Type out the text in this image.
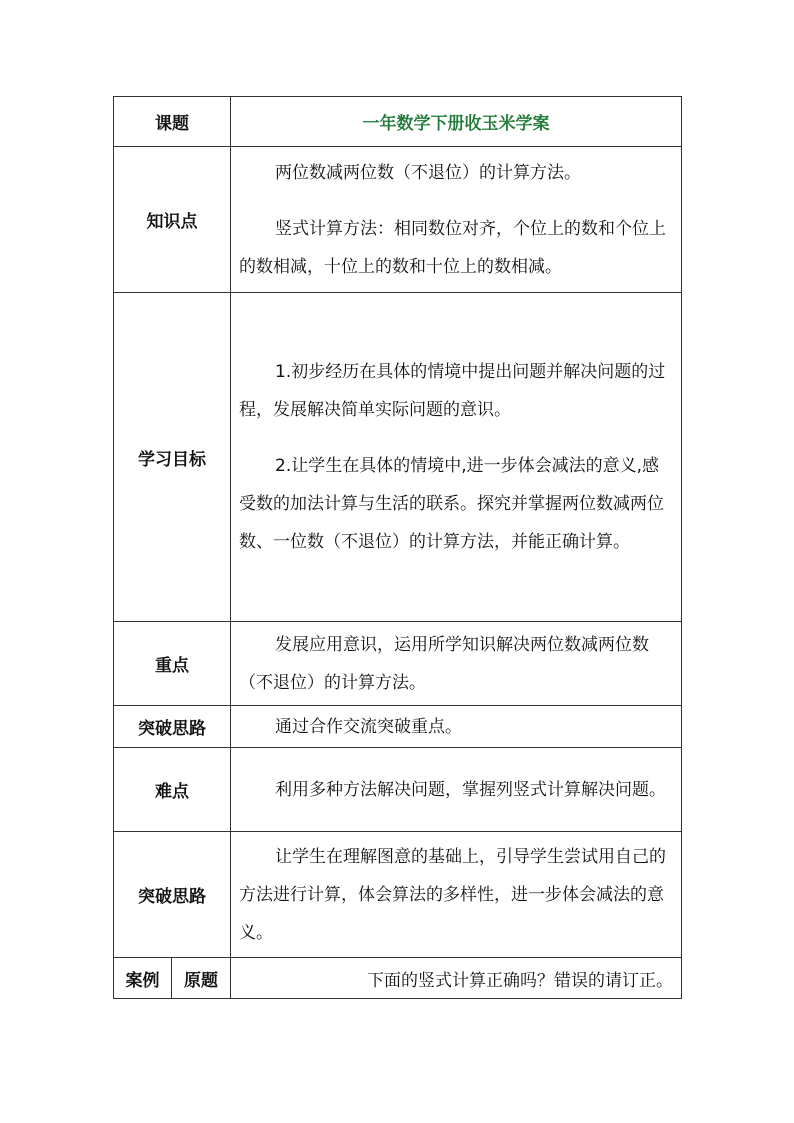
课题		一年数学下册收玉米学案
知识点		两位数减两位数（不退位）的计算方法。

竖式计算方法：相同数位对齐，个位上的数和个位上的数相减，十位上的数和十位上的数相减。

学习目标		1.初步经历在具体的情境中提出问题并解决问题的过程，发展解决简单实际问题的意识。

2.让学生在具体的情境中,进一步体会减法的意义,感受数的加法计算与生活的联系。探究并掌握两位数减两位数、一位数（不退位）的计算方法，并能正确计算。

重点		发展应用意识，运用所学知识解决两位数减两位数（不退位）的计算方法。

突破思路		通过合作交流突破重点。

难点		利用多种方法解决问题，掌握列竖式计算解决问题。

突破思路		让学生在理解图意的基础上，引导学生尝试用自己的方法进行计算，体会算法的多样性，进一步体会减法的意义。

案例	原题	下面的竖式计算正确吗？错误的请订正。
